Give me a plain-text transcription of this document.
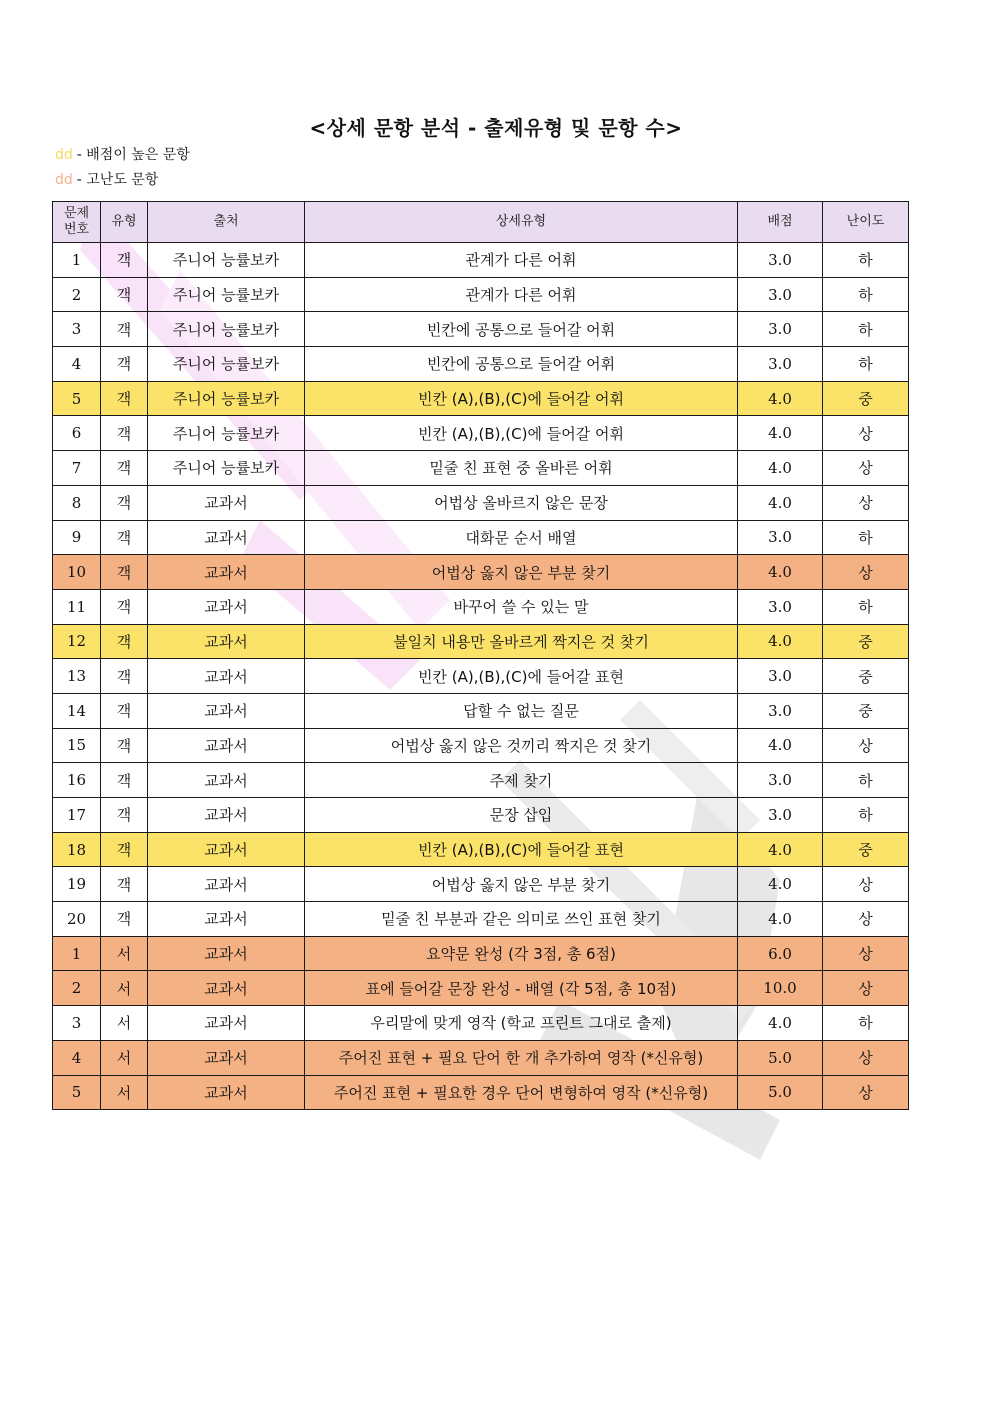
<상세 문항 분석 - 출제유형 및 문항 수>
dd - 배점이 높은 문항
dd - 고난도 문항
문제
번호	유형	출처	상세유형	배점	난이도
1	객	주니어 능률보카	관계가 다른 어휘	3.0	하
2	객	주니어 능률보카	관계가 다른 어휘	3.0	하
3	객	주니어 능률보카	빈칸에 공통으로 들어갈 어휘	3.0	하
4	객	주니어 능률보카	빈칸에 공통으로 들어갈 어휘	3.0	하
5	객	주니어 능률보카	빈칸 (A),(B),(C)에 들어갈 어휘	4.0	중
6	객	주니어 능률보카	빈칸 (A),(B),(C)에 들어갈 어휘	4.0	상
7	객	주니어 능률보카	밑줄 친 표현 중 올바른 어휘	4.0	상
8	객	교과서	어법상 올바르지 않은 문장	4.0	상
9	객	교과서	대화문 순서 배열	3.0	하
10	객	교과서	어법상 옳지 않은 부분 찾기	4.0	상
11	객	교과서	바꾸어 쓸 수 있는 말	3.0	하
12	객	교과서	불일치 내용만 올바르게 짝지은 것 찾기	4.0	중
13	객	교과서	빈칸 (A),(B),(C)에 들어갈 표현	3.0	중
14	객	교과서	답할 수 없는 질문	3.0	중
15	객	교과서	어법상 옳지 않은 것끼리 짝지은 것 찾기	4.0	상
16	객	교과서	주제 찾기	3.0	하
17	객	교과서	문장 삽입	3.0	하
18	객	교과서	빈칸 (A),(B),(C)에 들어갈 표현	4.0	중
19	객	교과서	어법상 옳지 않은 부분 찾기	4.0	상
20	객	교과서	밑줄 친 부분과 같은 의미로 쓰인 표현 찾기	4.0	상
1	서	교과서	요약문 완성 (각 3점, 총 6점)	6.0	상
2	서	교과서	표에 들어갈 문장 완성 - 배열 (각 5점, 총 10점)	10.0	상
3	서	교과서	우리말에 맞게 영작 (학교 프린트 그대로 출제)	4.0	하
4	서	교과서	주어진 표현 + 필요 단어 한 개 추가하여 영작 (*신유형)	5.0	상
5	서	교과서	주어진 표현 + 필요한 경우 단어 변형하여 영작 (*신유형)	5.0	상
